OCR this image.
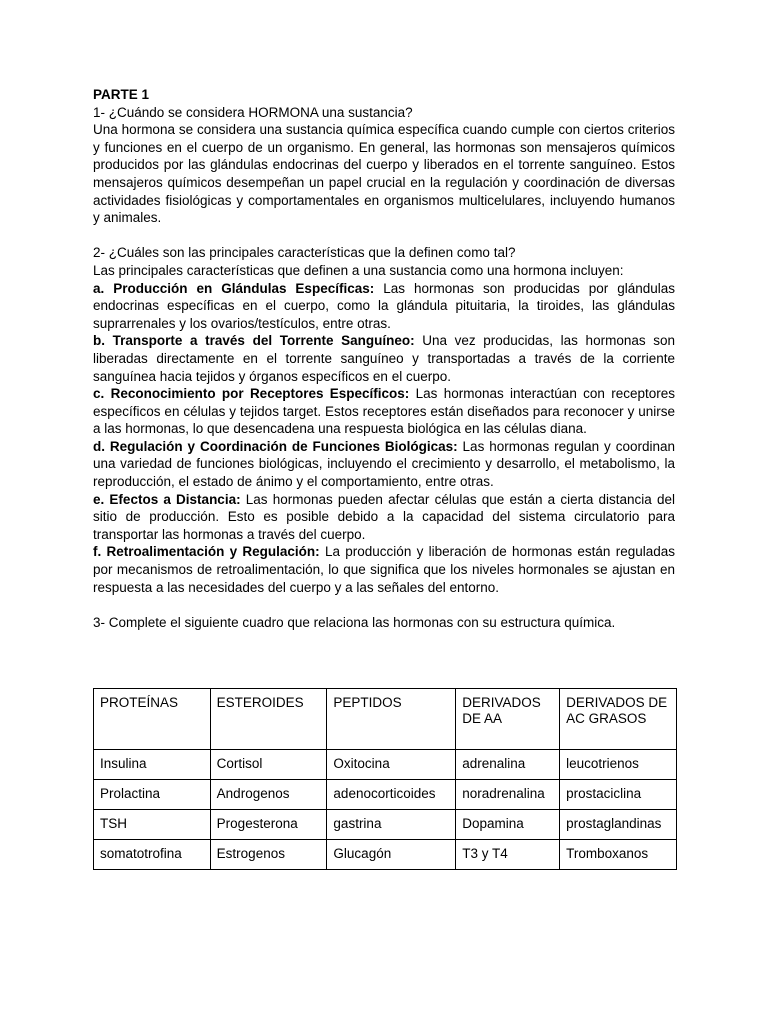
PARTE 1

1- ¿Cuándo se considera HORMONA una sustancia?

Una hormona se considera una sustancia química específica cuando cumple con ciertos criterios y funciones en el cuerpo de un organismo. En general, las hormonas son mensajeros químicos producidos por las glándulas endocrinas del cuerpo y liberados en el torrente sanguíneo. Estos mensajeros químicos desempeñan un papel crucial en la regulación y coordinación de diversas actividades fisiológicas y comportamentales en organismos multicelulares, incluyendo humanos y animales.

2- ¿Cuáles son las principales características que la definen como tal?

Las principales características que definen a una sustancia como una hormona incluyen:

a. Producción en Glándulas Específicas: Las hormonas son producidas por glándulas endocrinas específicas en el cuerpo, como la glándula pituitaria, la tiroides, las glándulas suprarrenales y los ovarios/testículos, entre otras.

b. Transporte a través del Torrente Sanguíneo: Una vez producidas, las hormonas son liberadas directamente en el torrente sanguíneo y transportadas a través de la corriente sanguínea hacia tejidos y órganos específicos en el cuerpo.

c. Reconocimiento por Receptores Específicos: Las hormonas interactúan con receptores específicos en células y tejidos target. Estos receptores están diseñados para reconocer y unirse a las hormonas, lo que desencadena una respuesta biológica en las células diana.

d. Regulación y Coordinación de Funciones Biológicas: Las hormonas regulan y coordinan una variedad de funciones biológicas, incluyendo el crecimiento y desarrollo, el metabolismo, la reproducción, el estado de ánimo y el comportamiento, entre otras.

e. Efectos a Distancia: Las hormonas pueden afectar células que están a cierta distancia del sitio de producción. Esto es posible debido a la capacidad del sistema circulatorio para transportar las hormonas a través del cuerpo.

f. Retroalimentación y Regulación: La producción y liberación de hormonas están reguladas por mecanismos de retroalimentación, lo que significa que los niveles hormonales se ajustan en respuesta a las necesidades del cuerpo y a las señales del entorno.

3- Complete el siguiente cuadro que relaciona las hormonas con su estructura química.

PROTEÍNAS	ESTEROIDES	PEPTIDOS	DERIVADOS DE AA	DERIVADOS DE AC GRASOS
Insulina	Cortisol	Oxitocina	adrenalina	leucotrienos
Prolactina	Androgenos	adenocorticoides	noradrenalina	prostaciclina
TSH	Progesterona	gastrina	Dopamina	prostaglandinas
somatotrofina	Estrogenos	Glucagón	T3 y T4	Tromboxanos
